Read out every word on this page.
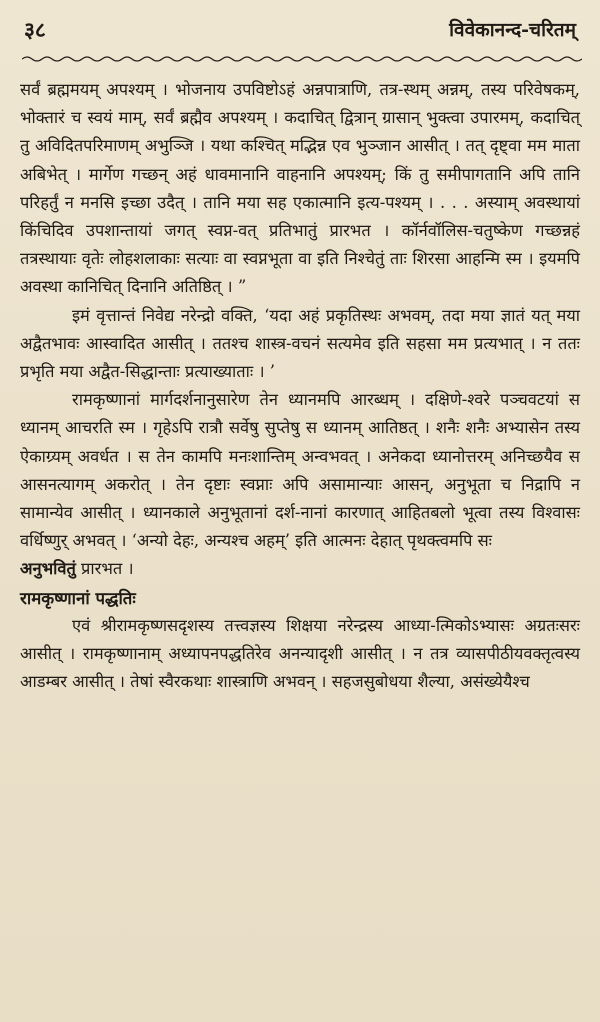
३८	विवेकानन्द-चरितम्

सर्वं ब्रह्ममयम् अपश्यम् । भोजनाय उपविष्टोऽहं अन्नपात्राणि, तत्र-स्थम् अन्नम्, तस्य परिवेषकम्, भोक्तारं च स्वयं माम्, सर्वं ब्रह्मैव अपश्यम् । कदाचित् द्वित्रान् ग्रासान् भुक्त्वा उपारमम्, कदाचित् तु अविदितपरिमाणम् अभुञ्जि । यथा कश्चित् मद्भिन्न एव भुञ्जान आसीत् । तत् दृष्ट्वा मम माता अबिभेत् । मार्गेण गच्छन् अहं धावमानानि वाहनानि अपश्यम्; किं तु समीपागतानि अपि तानि परिहर्तुं न मनसि इच्छा उदैत् । तानि मया सह एकात्मानि इत्य-पश्यम् । . . . अस्याम् अवस्थायां किंचिदिव उपशान्तायां जगत् स्वप्न-वत् प्रतिभातुं प्रारभत । कॉर्नवॉलिस-चतुष्केण गच्छन्नहं तत्रस्थायाः वृतेः लोहशलाकाः सत्याः वा स्वप्नभूता वा इति निश्चेतुं ताः शिरसा आहन्मि स्म । इयमपि अवस्था कानिचित् दिनानि अतिष्ठित् । ”

इमं वृत्तान्तं निवेद्य नरेन्द्रो वक्ति, ‘यदा अहं प्रकृतिस्थः अभवम्, तदा मया ज्ञातं यत् मया अद्वैतभावः आस्वादित आसीत् । ततश्च शास्त्र-वचनं सत्यमेव इति सहसा मम प्रत्यभात् । न ततः प्रभृति मया अद्वैत-सिद्धान्ताः प्रत्याख्याताः । ’

रामकृष्णानां मार्गदर्शनानुसारेण तेन ध्यानमपि आरब्धम् । दक्षिणे-श्वरे पञ्चवटयां स ध्यानम् आचरति स्म । गृहेऽपि रात्रौ सर्वेषु सुप्तेषु स ध्यानम् आतिष्ठत् । शनैः शनैः अभ्यासेन तस्य ऐकाग्र्यम् अवर्धत । स तेन कामपि मनःशान्तिम् अन्वभवत् । अनेकदा ध्यानोत्तरम् अनिच्छयैव स आसनत्यागम् अकरोत् । तेन दृष्टाः स्वप्नाः अपि असामान्याः आसन्, अनुभूता च निद्रापि न सामान्येव आसीत् । ध्यानकाले अनुभूतानां दर्श-नानां कारणात् आहितबलो भूत्वा तस्य विश्वासः वर्धिष्णुर् अभवत् । ‘अन्यो देहः, अन्यश्च अहम्’ इति आत्मनः देहात् पृथक्त्वमपि सः
अनुभवितुं प्रारभत ।

रामकृष्णानां पद्धतिः

एवं श्रीरामकृष्णसदृशस्य तत्त्वज्ञस्य शिक्षया नरेन्द्रस्य आध्या-त्मिकोऽभ्यासः अग्रतःसरः आसीत् । रामकृष्णानाम् अध्यापनपद्धतिरेव अनन्यादृशी आसीत् । न तत्र व्यासपीठीयवक्तृत्वस्य आडम्बर आसीत् । तेषां स्वैरकथाः शास्त्राणि अभवन् । सहजसुबोधया शैल्या, असंख्येयैश्च
